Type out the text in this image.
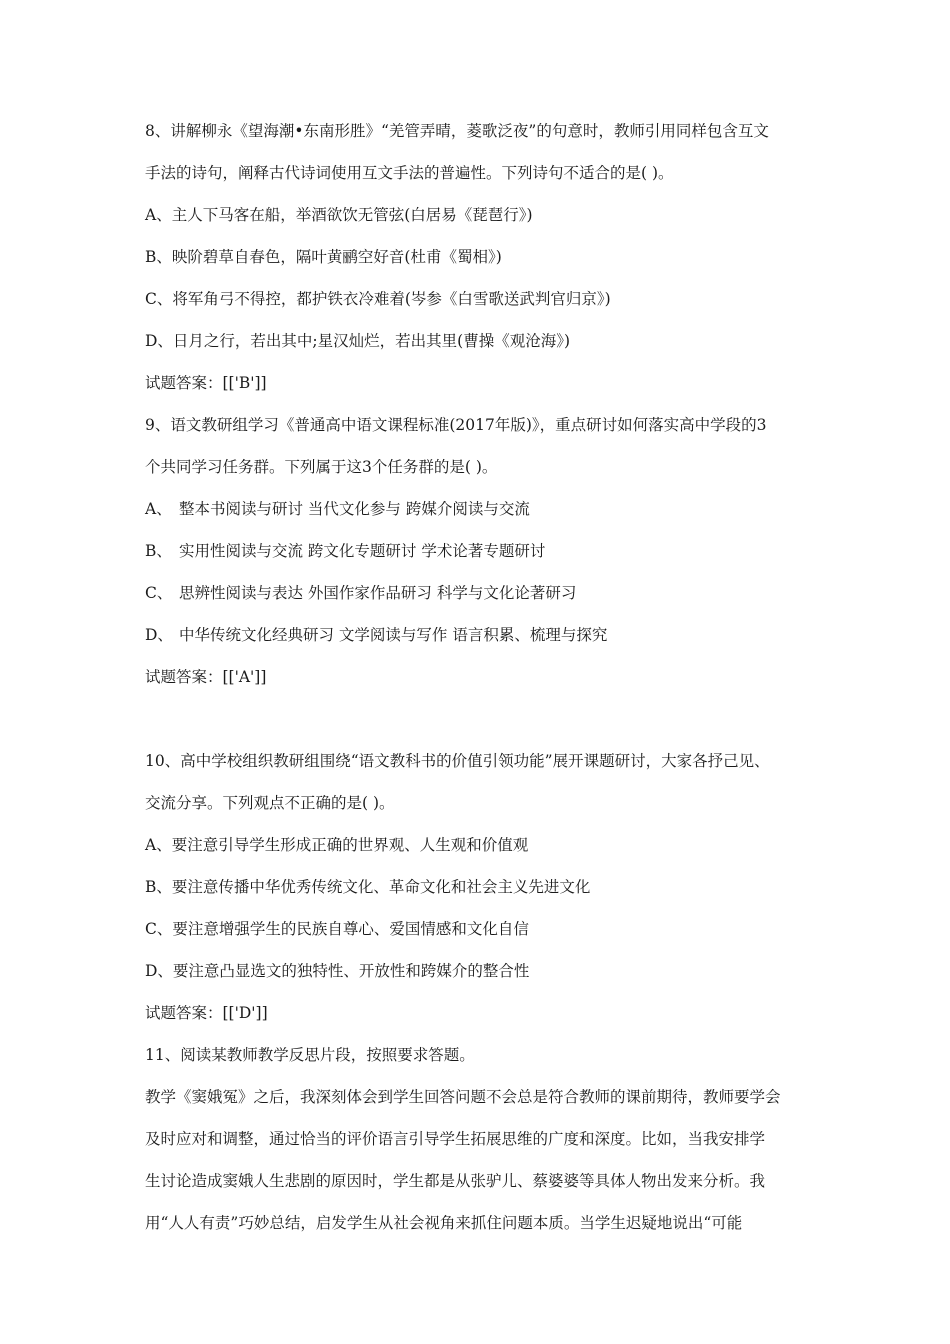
8、讲解柳永《望海潮•东南形胜》“羌管弄晴，菱歌泛夜”的句意时，教师引用同样包含互文
手法的诗句，阐释古代诗词使用互文手法的普遍性。下列诗句不适合的是( )。
A、主人下马客在船，举酒欲饮无管弦(白居易《琵琶行》)
B、映阶碧草自春色，隔叶黄鹂空好音(杜甫《蜀相》)
C、将军角弓不得控，都护铁衣冷难着(岑参《白雪歌送武判官归京》)
D、日月之行，若出其中;星汉灿烂，若出其里(曹操《观沧海》)
试题答案：[['B']]
9、语文教研组学习《普通高中语文课程标准(2017年版)》，重点研讨如何落实高中学段的3
个共同学习任务群。下列属于这3个任务群的是( )。
A、 整本书阅读与研讨 当代文化参与 跨媒介阅读与交流
B、 实用性阅读与交流 跨文化专题研讨 学术论著专题研讨
C、 思辨性阅读与表达 外国作家作品研习 科学与文化论著研习
D、 中华传统文化经典研习 文学阅读与写作 语言积累、梳理与探究
试题答案：[['A']]
10、高中学校组织教研组围绕“语文教科书的价值引领功能”展开课题研讨，大家各抒己见、
交流分享。下列观点不正确的是( )。
A、要注意引导学生形成正确的世界观、人生观和价值观
B、要注意传播中华优秀传统文化、革命文化和社会主义先进文化
C、要注意增强学生的民族自尊心、爱国情感和文化自信
D、要注意凸显选文的独特性、开放性和跨媒介的整合性
试题答案：[['D']]
11、阅读某教师教学反思片段，按照要求答题。
教学《窦娥冤》之后，我深刻体会到学生回答问题不会总是符合教师的课前期待，教师要学会
及时应对和调整，通过恰当的评价语言引导学生拓展思维的广度和深度。比如，当我安排学
生讨论造成窦娥人生悲剧的原因时，学生都是从张驴儿、蔡婆婆等具体人物出发来分析。我
用“人人有责”巧妙总结，启发学生从社会视角来抓住问题本质。当学生迟疑地说出“可能
